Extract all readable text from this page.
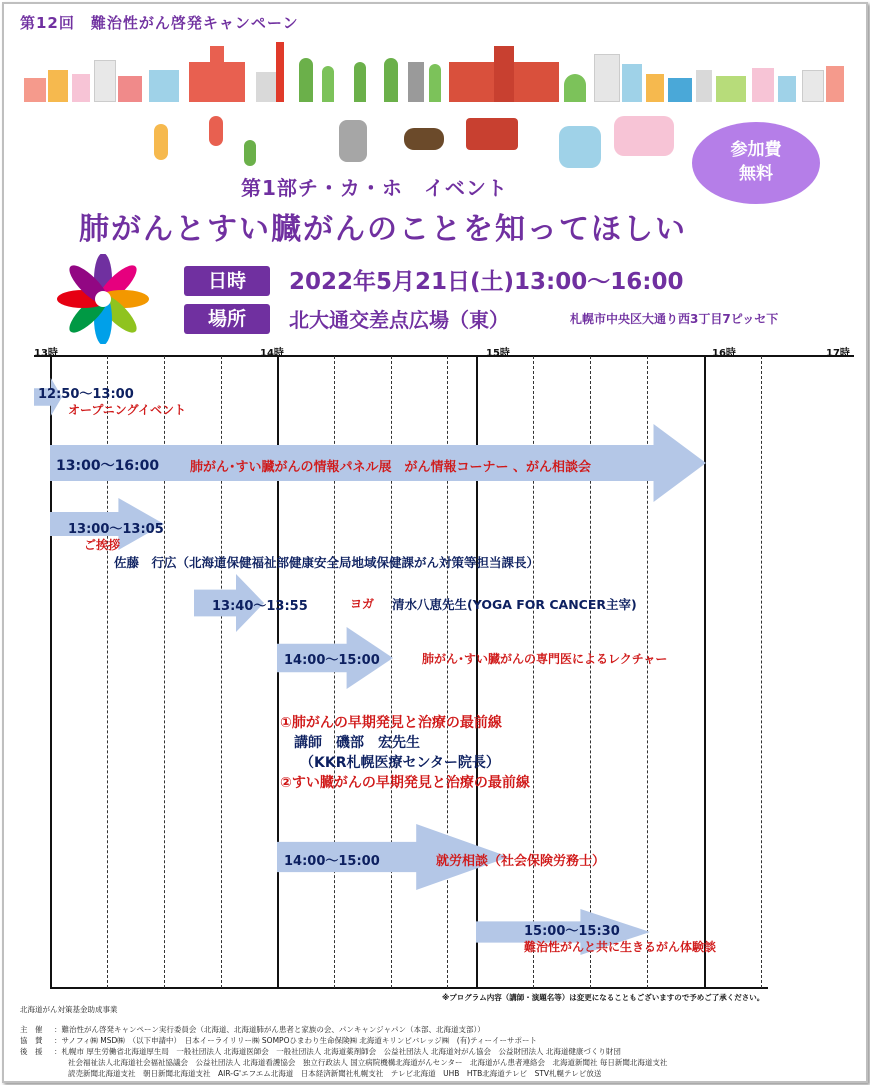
第12回　難治性がん啓発キャンペーン
参加費
無料
第1部チ・カ・ホ　イベント
肺がんとすい臓がんのことを知ってほしい
日時	2022年5月21日(土)13:00〜16:00
場所	北大通交差点広場（東）	札幌市中央区大通り西3丁目7ピッセ下
13時	14時	15時	16時	17時
12:50〜13:00
オープニングイベント
13:00〜16:00 肺がん･すい臓がんの情報パネル展　がん情報コーナー 、がん相談会
13:00〜13:05
ご挨拶
佐藤　行広（北海道保健福祉部健康安全局地域保健課がん対策等担当課長）
13:40〜13:55	ヨガ 清水八恵先生(YOGA FOR CANCER主宰)
14:00〜15:00	肺がん･すい臓がんの専門医によるレクチャー
①肺がんの早期発見と治療の最前線
講師　磯部　宏先生
（KKR札幌医療センター院長）
②すい臓がんの早期発見と治療の最前線
14:00〜15:00	就労相談（社会保険労務士）
15:00〜15:30
難治性がんと共に生きるがん体験談
※プログラム内容（講師・演題名等）は変更になることもございますので予めご了承ください。
北海道がん対策基金助成事業
主　催 ：難治性がん啓発キャンペーン実行委員会（北海道、北海道肺がん患者と家族の会、パンキャンジャパン（本部、北海道支部））
協　賛 ：サノフィ㈱ MSD㈱　（以下申請中）　日本イーライリリー㈱ SOMPOひまわり生命保険㈱ 北海道キリンビバレッジ㈱　(有)ティーイーサポート
後　援 ：札幌市 厚生労働省北海道厚生局　一般社団法人 北海道医師会　一般社団法人 北海道薬剤師会　公益社団法人 北海道対がん協会　公益財団法人 北海道健康づくり財団
社会福祉法人北海道社会福祉協議会　公益社団法人 北海道看護協会　独立行政法人 国立病院機構北海道がんセンター　北海道がん患者連絡会　北海道新聞社 毎日新聞北海道支社
読売新聞北海道支社　朝日新聞北海道支社　AIR-G'エフエム北海道　日本経済新聞社札幌支社　テレビ北海道　UHB　HTB北海道テレビ　STV札幌テレビ放送
